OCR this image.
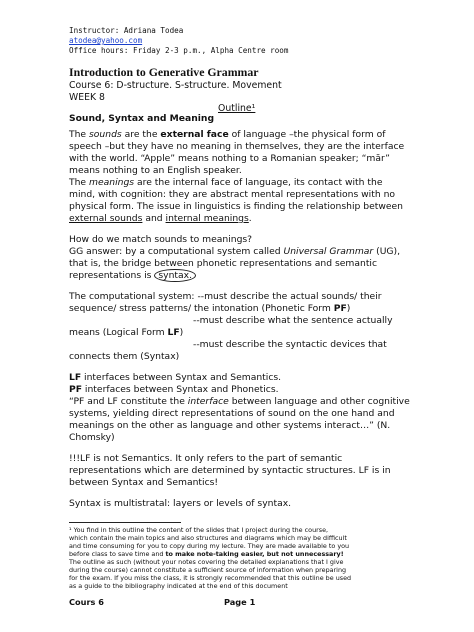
Instructor: Adriana Todea
atodea@yahoo.com
Office hours: Friday 2-3 p.m., Alpha Centre room
Introduction to Generative Grammar
Course 6: D-structure. S-structure. Movement
WEEK 8
Outline¹
Sound, Syntax and Meaning
The sounds are the external face of language –the physical form of
speech –but they have no meaning in themselves, they are the interface
with the world. “Apple” means nothing to a Romanian speaker; “măr”
means nothing to an English speaker.
The meanings are the internal face of language, its contact with the
mind, with cognition: they are abstract mental representations with no
physical form. The issue in linguistics is finding the relationship between
external sounds and internal meanings.
How do we match sounds to meanings?
GG answer: by a computational system called Universal Grammar (UG),
that is, the bridge between phonetic representations and semantic
representations is syntax.
The computational system: --must describe the actual sounds/ their
sequence/ stress patterns/ the intonation (Phonetic Form PF)
--must describe what the sentence actually
means (Logical Form LF)
--must describe the syntactic devices that
connects them (Syntax)
LF interfaces between Syntax and Semantics.
PF interfaces between Syntax and Phonetics.
“PF and LF constitute the interface between language and other cognitive
systems, yielding direct representations of sound on the one hand and
meanings on the other as language and other systems interact…” (N.
Chomsky)
!!!LF is not Semantics. It only refers to the part of semantic
representations which are determined by syntactic structures. LF is in
between Syntax and Semantics!
Syntax is multistratal: layers or levels of syntax.
¹ You find in this outline the content of the slides that I project during the course,
which contain the main topics and also structures and diagrams which may be difficult
and time consuming for you to copy during my lecture. They are made available to you
before class to save time and to make note-taking easier, but not unnecessary!
The outline as such (without your notes covering the detailed explanations that I give
during the course) cannot constitute a sufficient source of information when preparing
for the exam. If you miss the class, it is strongly recommended that this outline be used
as a guide to the bibliography indicated at the end of this document
Cours 6	Page 1
